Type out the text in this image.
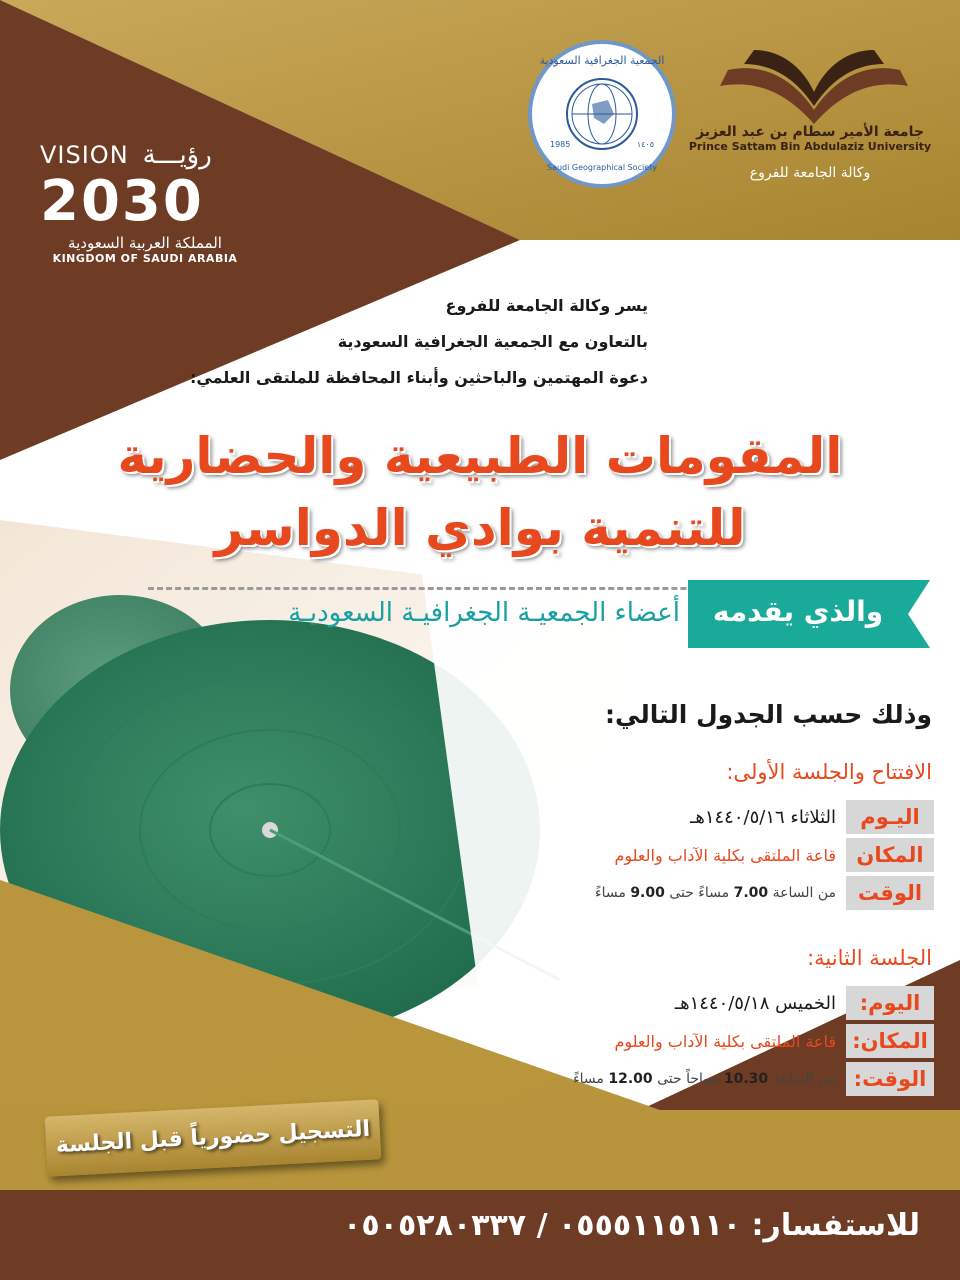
VISION رؤيـــة
2030
المملكة العربية السعودية
KINGDOM OF SAUDI ARABIA
الجمعية الجغرافية السعودية
1985	١٤٠٥
Saudi Geographical Society
جامعة الأمير سطام بن عبد العزيز
Prince Sattam Bin Abdulaziz University
وكالة الجامعة للفروع
يسر وكالة الجامعة للفروع
بالتعاون مع الجمعية الجغرافية السعودية
دعوة المهتمين والباحثين وأبناء المحافظة للملتقى العلمي:
المقومات الطبيعية والحضارية
للتنمية بوادي الدواسر
والذي يقدمه
أعضاء الجمعيـة الجغرافيـة السعوديـة
وذلك حسب الجدول التالي:
الافتتاح والجلسة الأولى:
اليـوم
الثلاثاء ١٤٤٠/٥/١٦هـ
المكان
قاعة الملتقى بكلية الآداب والعلوم
الوقت
من الساعة 7.00 مساءً حتى 9.00 مساءً
الجلسة الثانية:
اليوم:
الخميس ١٤٤٠/٥/١٨هـ
المكان:
قاعة الملتقى بكلية الآداب والعلوم
الوقت:
من الساعة 10.30 صباحاً حتى 12.00 مساءً
التسجيل حضورياً قبل الجلسة
للاستفسار: ٠٥٥٥١١٥١١٠ / ٠٥٠٥٢٨٠٣٣٧
